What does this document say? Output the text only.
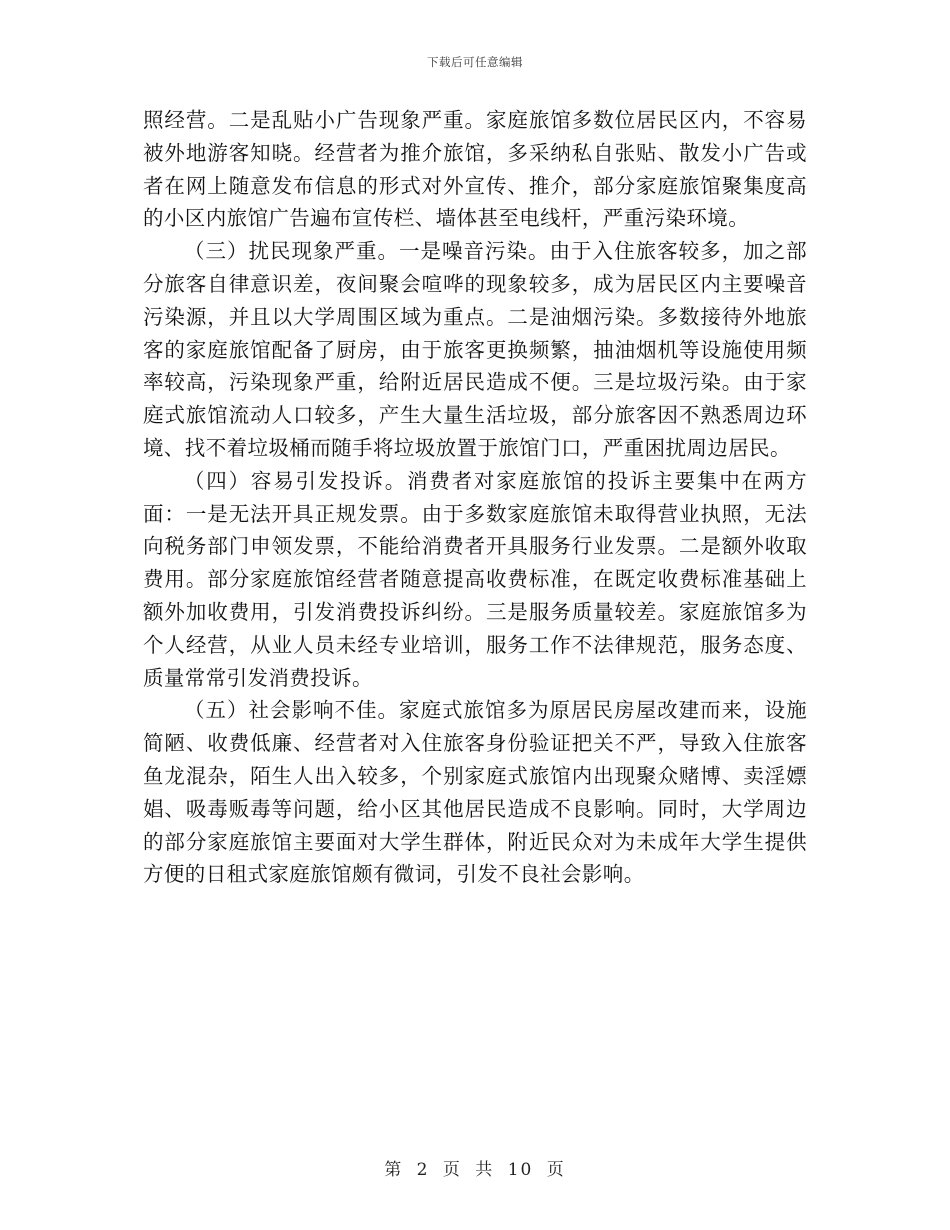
下载后可任意编辑

照经营。二是乱贴小广告现象严重。家庭旅馆多数位居民区内，不容易被外地游客知晓。经营者为推介旅馆，多采纳私自张贴、散发小广告或者在网上随意发布信息的形式对外宣传、推介，部分家庭旅馆聚集度高的小区内旅馆广告遍布宣传栏、墙体甚至电线杆，严重污染环境。

（三）扰民现象严重。一是噪音污染。由于入住旅客较多，加之部分旅客自律意识差，夜间聚会喧哗的现象较多，成为居民区内主要噪音污染源，并且以大学周围区域为重点。二是油烟污染。多数接待外地旅客的家庭旅馆配备了厨房，由于旅客更换频繁，抽油烟机等设施使用频率较高，污染现象严重，给附近居民造成不便。三是垃圾污染。由于家庭式旅馆流动人口较多，产生大量生活垃圾，部分旅客因不熟悉周边环境、找不着垃圾桶而随手将垃圾放置于旅馆门口，严重困扰周边居民。

（四）容易引发投诉。消费者对家庭旅馆的投诉主要集中在两方面：一是无法开具正规发票。由于多数家庭旅馆未取得营业执照，无法向税务部门申领发票，不能给消费者开具服务行业发票。二是额外收取费用。部分家庭旅馆经营者随意提高收费标准，在既定收费标准基础上额外加收费用，引发消费投诉纠纷。三是服务质量较差。家庭旅馆多为个人经营，从业人员未经专业培训，服务工作不法律规范，服务态度、质量常常引发消费投诉。

（五）社会影响不佳。家庭式旅馆多为原居民房屋改建而来，设施简陋、收费低廉、经营者对入住旅客身份验证把关不严，导致入住旅客鱼龙混杂，陌生人出入较多，个别家庭式旅馆内出现聚众赌博、卖淫嫖娼、吸毒贩毒等问题，给小区其他居民造成不良影响。同时，大学周边的部分家庭旅馆主要面对大学生群体，附近民众对为未成年大学生提供方便的日租式家庭旅馆颇有微词，引发不良社会影响。

第 2 页 共 10 页
